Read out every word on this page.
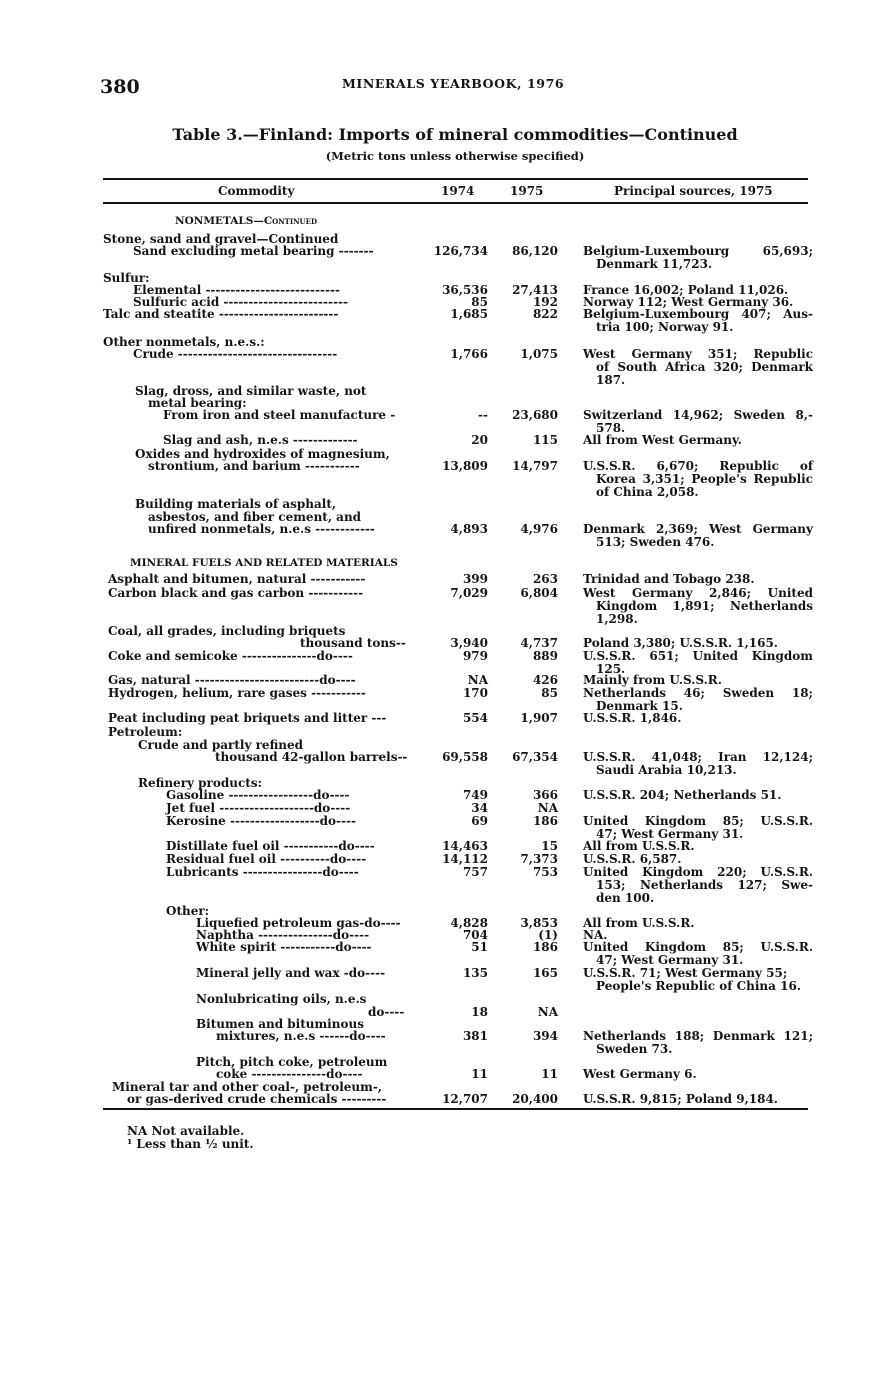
380	MINERALS YEARBOOK, 1976
Table 3.—Finland: Imports of mineral commodities—Continued
(Metric tons unless otherwise specified)
Commodity	1974	1975	Principal sources, 1975
NONMETALS—Continued
Stone, sand and gravel—Continued
Sand excluding metal bearing -------	126,734	86,120 Belgium-Luxembourg 65,693;
Denmark 11,723.
Sulfur:
Elemental ---------------------------	36,536	27,413 France 16,002; Poland 11,026.
Sulfuric acid -------------------------	85	192 Norway 112; West Germany 36.
Talc and steatite ------------------------	1,685	822 Belgium-Luxembourg 407; Aus-
tria 100; Norway 91.
Other nonmetals, n.e.s.:
Crude --------------------------------	1,766	1,075 West Germany 351; Republic
of South Africa 320; Denmark
187.
Slag, dross, and similar waste, not
metal bearing:
From iron and steel manufacture -	--	23,680 Switzerland 14,962; Sweden 8,-
578.
Slag and ash, n.e.s -------------	20	115 All from West Germany.
Oxides and hydroxides of magnesium,
strontium, and barium -----------	13,809	14,797 U.S.S.R. 6,670; Republic of
Korea 3,351; People's Republic
of China 2,058.
Building materials of asphalt,
asbestos, and fiber cement, and
unfired nonmetals, n.e.s ------------	4,893	4,976 Denmark 2,369; West Germany
513; Sweden 476.
MINERAL FUELS AND RELATED MATERIALS
Asphalt and bitumen, natural -----------	399	263 Trinidad and Tobago 238.
Carbon black and gas carbon -----------	7,029	6,804 West Germany 2,846; United
Kingdom 1,891; Netherlands
1,298.
Coal, all grades, including briquets
thousand tons--	3,940	4,737 Poland 3,380; U.S.S.R. 1,165.
Coke and semicoke ---------------do----	979	889 U.S.S.R. 651; United Kingdom
125.
Gas, natural -------------------------do----	NA	426 Mainly from U.S.S.R.
Hydrogen, helium, rare gases -----------	170	85 Netherlands 46; Sweden 18;
Denmark 15.
Peat including peat briquets and litter ---	554	1,907 U.S.S.R. 1,846.
Petroleum:
Crude and partly refined
thousand 42-gallon barrels--	69,558	67,354 U.S.S.R. 41,048; Iran 12,124;
Saudi Arabia 10,213.
Refinery products:
Gasoline -----------------do----	749	366 U.S.S.R. 204; Netherlands 51.
Jet fuel -------------------do----	34	NA
Kerosine ------------------do----	69	186 United Kingdom 85; U.S.S.R.
47; West Germany 31.
Distillate fuel oil -----------do----	14,463	15 All from U.S.S.R.
Residual fuel oil ----------do----	14,112	7,373 U.S.S.R. 6,587.
Lubricants ----------------do----	757	753 United Kingdom 220; U.S.S.R.
153; Netherlands 127; Swe-
den 100.
Other:
Liquefied petroleum gas-do----	4,828	3,853 All from U.S.S.R.
Naphtha ---------------do----	704	(1) NA.
White spirit -----------do----	51	186 United Kingdom 85; U.S.S.R.
47; West Germany 31.
Mineral jelly and wax -do----	135	165 U.S.S.R. 71; West Germany 55;
People's Republic of China 16.
Nonlubricating oils, n.e.s
do----	18	NA
Bitumen and bituminous
mixtures, n.e.s ------do----	381	394 Netherlands 188; Denmark 121;
Sweden 73.
Pitch, pitch coke, petroleum
coke ---------------do----	11	11 West Germany 6.
Mineral tar and other coal-, petroleum-,
or gas-derived crude chemicals ---------	12,707	20,400 U.S.S.R. 9,815; Poland 9,184.
NA Not available.
¹ Less than ½ unit.
